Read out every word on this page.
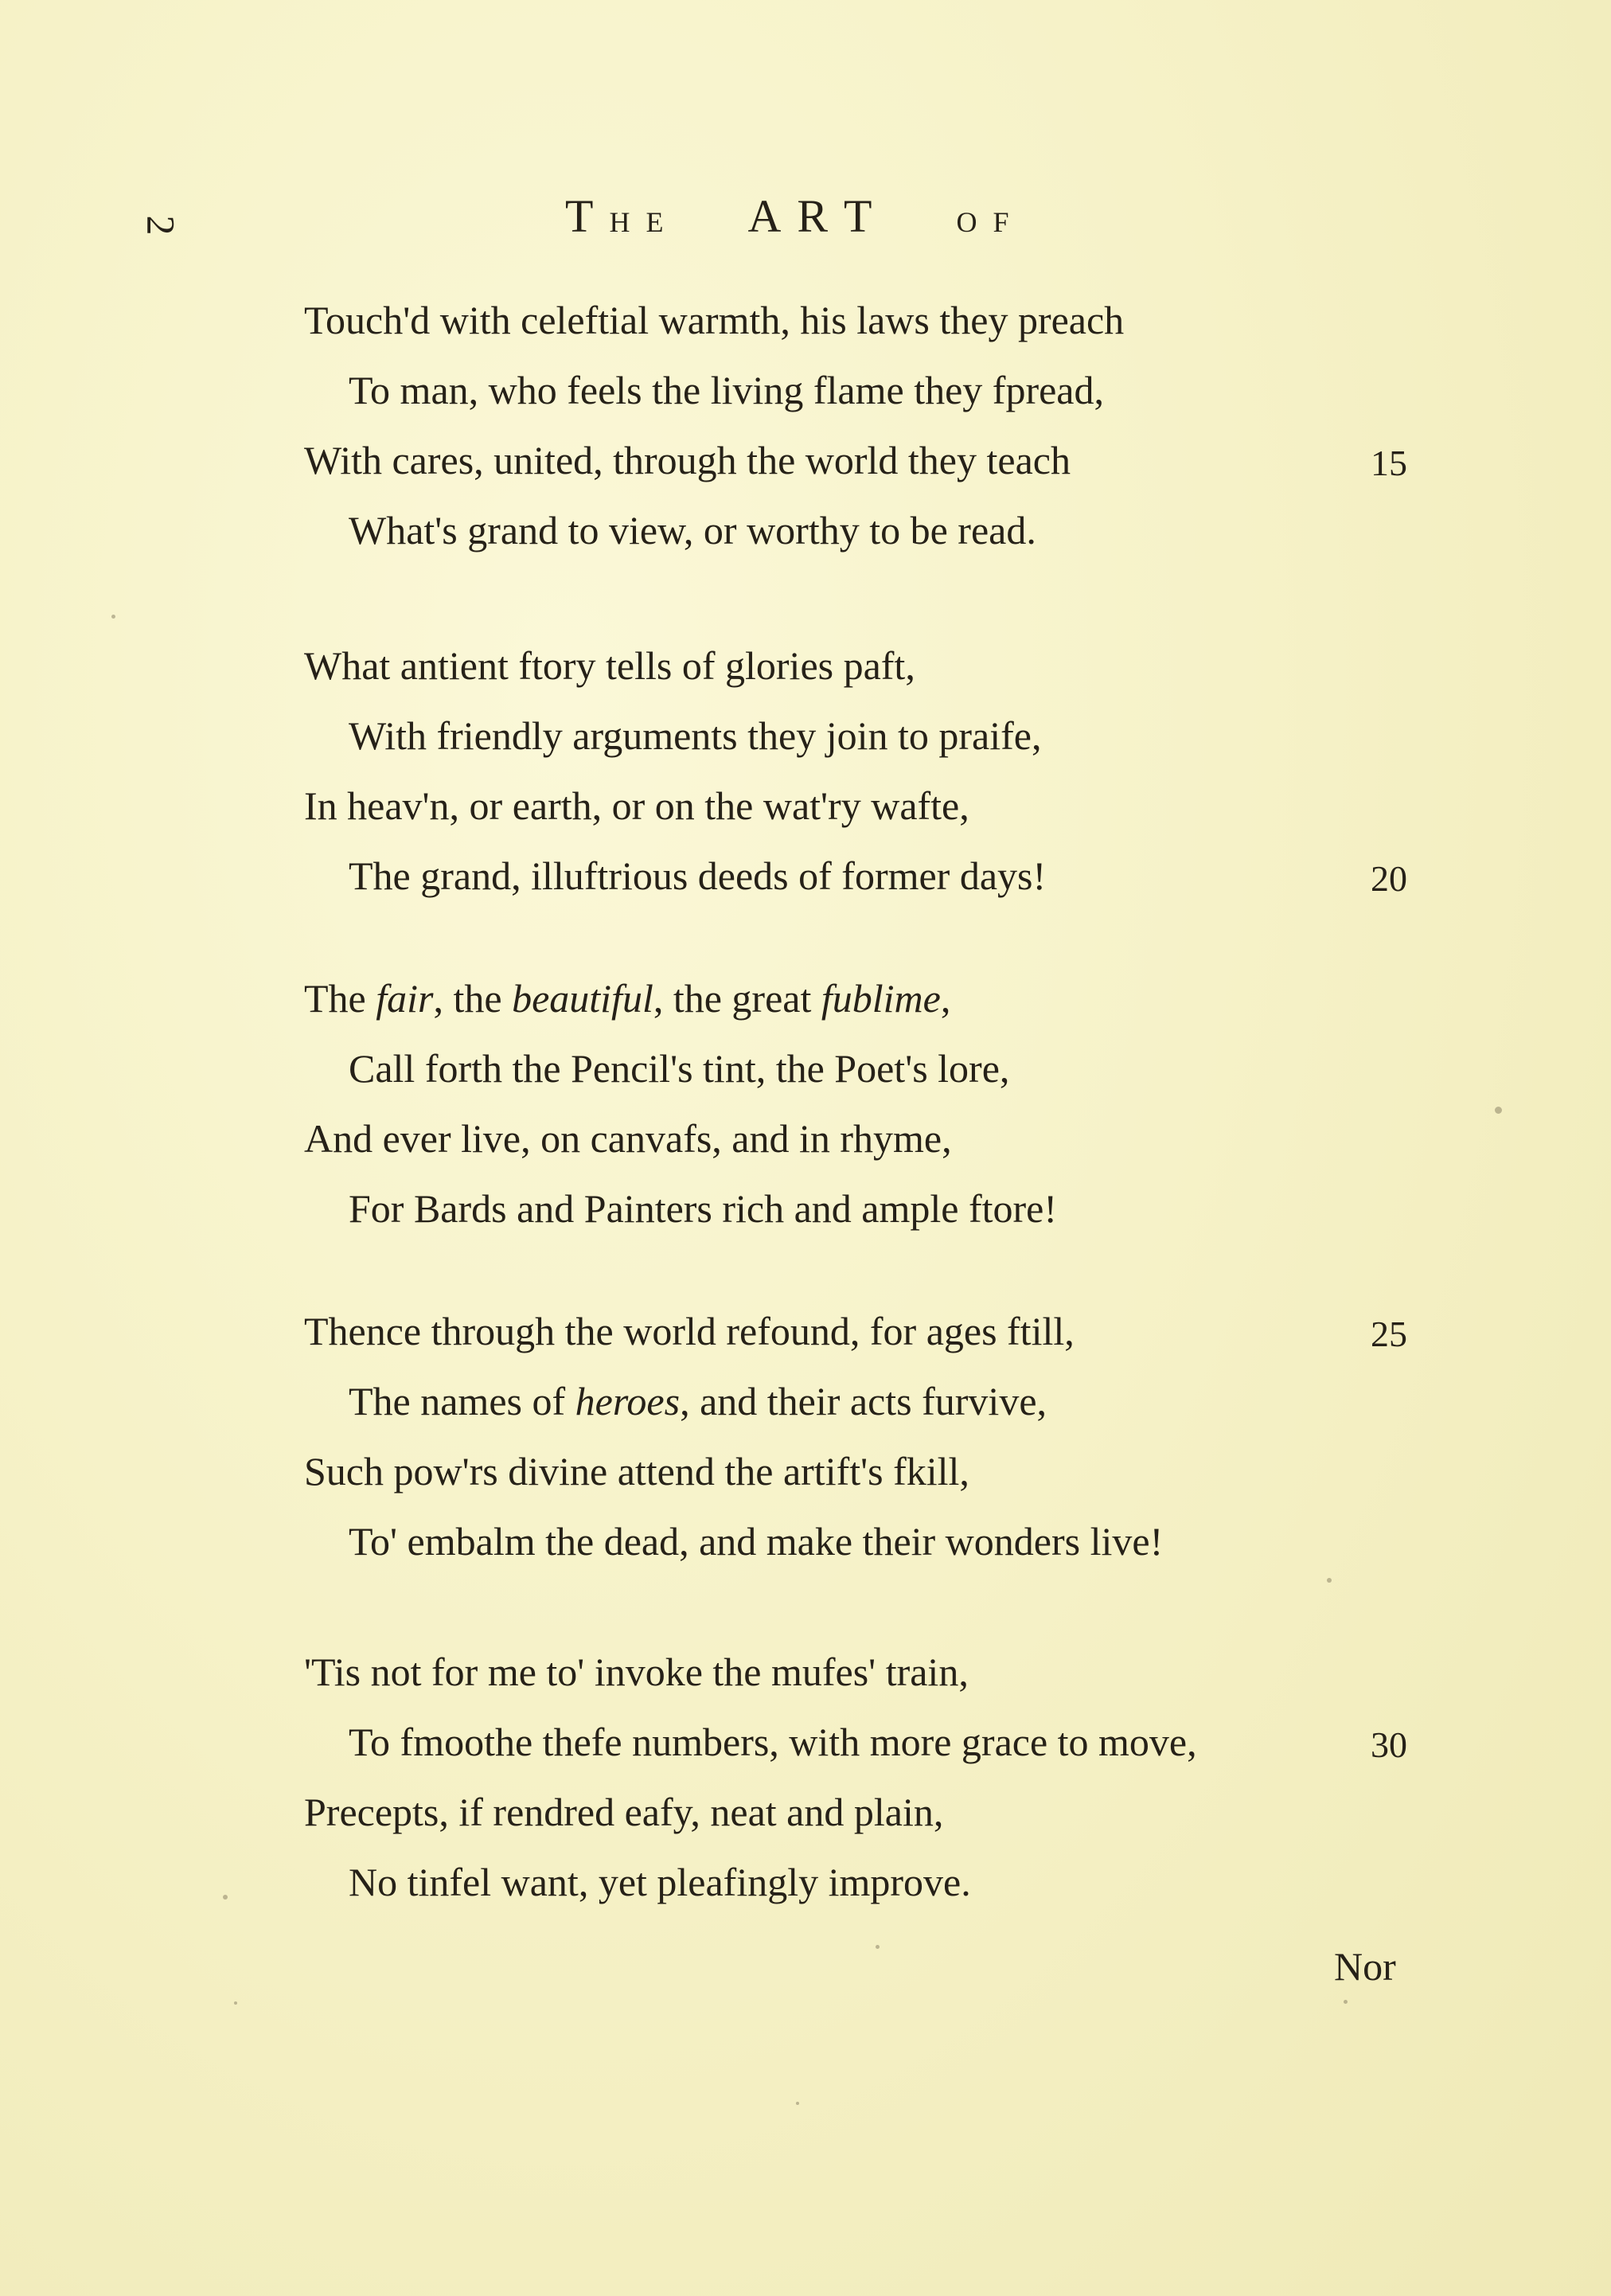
2	T H E A R T O F
Touch'd with celeftial warmth, his laws they preach
To man, who feels the living flame they fpread,
With cares, united, through the world they teach	15
What's grand to view, or worthy to be read.
What antient ftory tells of glories paft,
With friendly arguments they join to praife,
In heav'n, or earth, or on the wat'ry wafte,
The grand, illuftrious deeds of former days!	20
The fair, the beautiful, the great fublime,
Call forth the Pencil's tint, the Poet's lore,
And ever live, on canvafs, and in rhyme,
For Bards and Painters rich and ample ftore!
Thence through the world refound, for ages ftill,	25
The names of heroes, and their acts furvive,
Such pow'rs divine attend the artift's fkill,
To' embalm the dead, and make their wonders live!
'Tis not for me to' invoke the mufes' train,
To fmoothe thefe numbers, with more grace to move,	30
Precepts, if rendred eafy, neat and plain,
No tinfel want, yet pleafingly improve.
Nor
